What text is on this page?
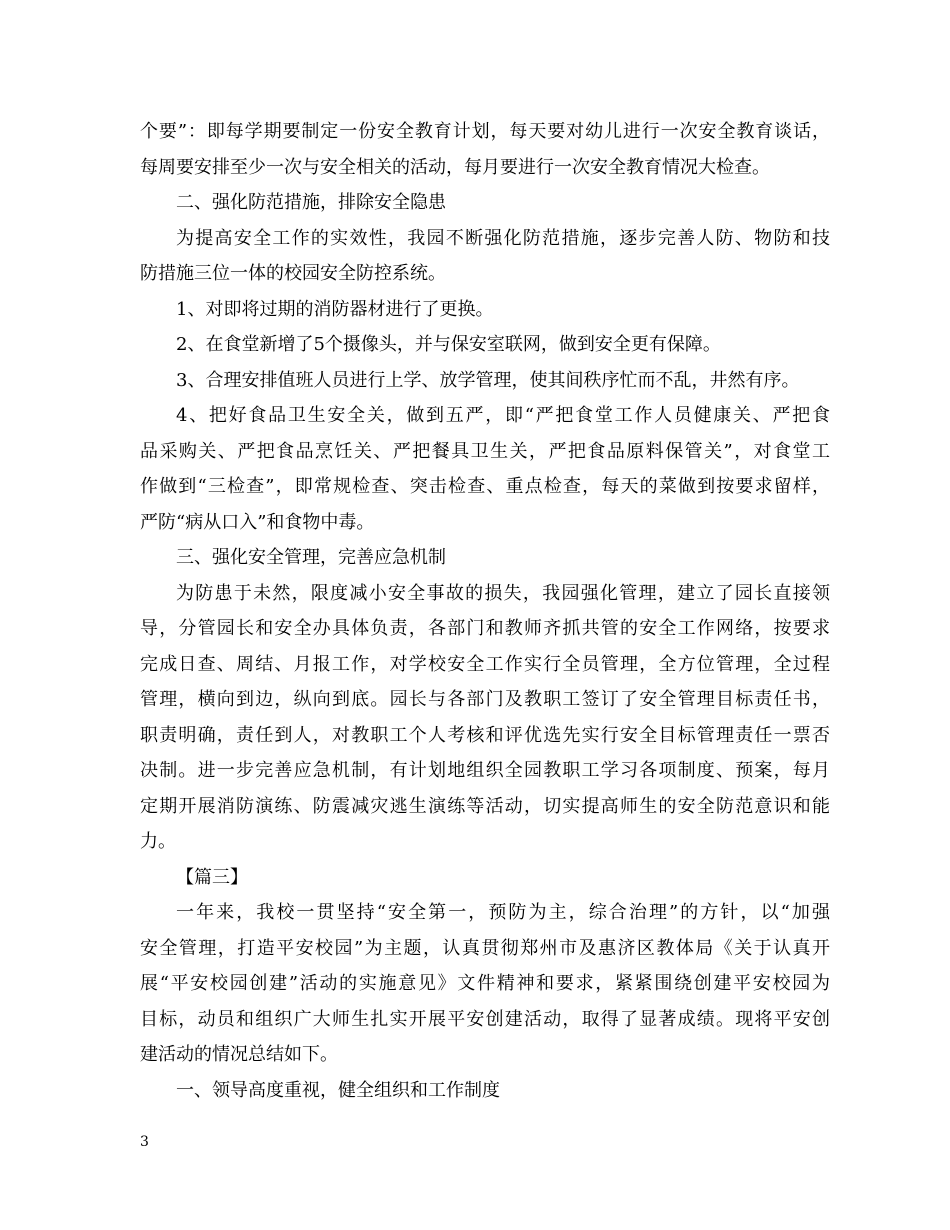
个要”：即每学期要制定一份安全教育计划，每天要对幼儿进行一次安全教育谈话，
每周要安排至少一次与安全相关的活动，每月要进行一次安全教育情况大检查。
二、强化防范措施，排除安全隐患
为提高安全工作的实效性，我园不断强化防范措施，逐步完善人防、物防和技
防措施三位一体的校园安全防控系统。
1、对即将过期的消防器材进行了更换。
2、在食堂新增了5个摄像头，并与保安室联网，做到安全更有保障。
3、合理安排值班人员进行上学、放学管理，使其间秩序忙而不乱，井然有序。
4、把好食品卫生安全关，做到五严，即“严把食堂工作人员健康关、严把食
品采购关、严把食品烹饪关、严把餐具卫生关，严把食品原料保管关”，对食堂工
作做到“三检查”，即常规检查、突击检查、重点检查，每天的菜做到按要求留样，
严防“病从口入”和食物中毒。
三、强化安全管理，完善应急机制
为防患于未然，限度减小安全事故的损失，我园强化管理，建立了园长直接领
导，分管园长和安全办具体负责，各部门和教师齐抓共管的安全工作网络，按要求
完成日查、周结、月报工作，对学校安全工作实行全员管理，全方位管理，全过程
管理，横向到边，纵向到底。园长与各部门及教职工签订了安全管理目标责任书，
职责明确，责任到人，对教职工个人考核和评优选先实行安全目标管理责任一票否
决制。进一步完善应急机制，有计划地组织全园教职工学习各项制度、预案，每月
定期开展消防演练、防震减灾逃生演练等活动，切实提高师生的安全防范意识和能
力。
【篇三】
一年来，我校一贯坚持“安全第一，预防为主，综合治理”的方针，以“加强
安全管理，打造平安校园”为主题，认真贯彻郑州市及惠济区教体局《关于认真开
展“平安校园创建”活动的实施意见》文件精神和要求，紧紧围绕创建平安校园为
目标，动员和组织广大师生扎实开展平安创建活动，取得了显著成绩。现将平安创
建活动的情况总结如下。
一、领导高度重视，健全组织和工作制度
3
